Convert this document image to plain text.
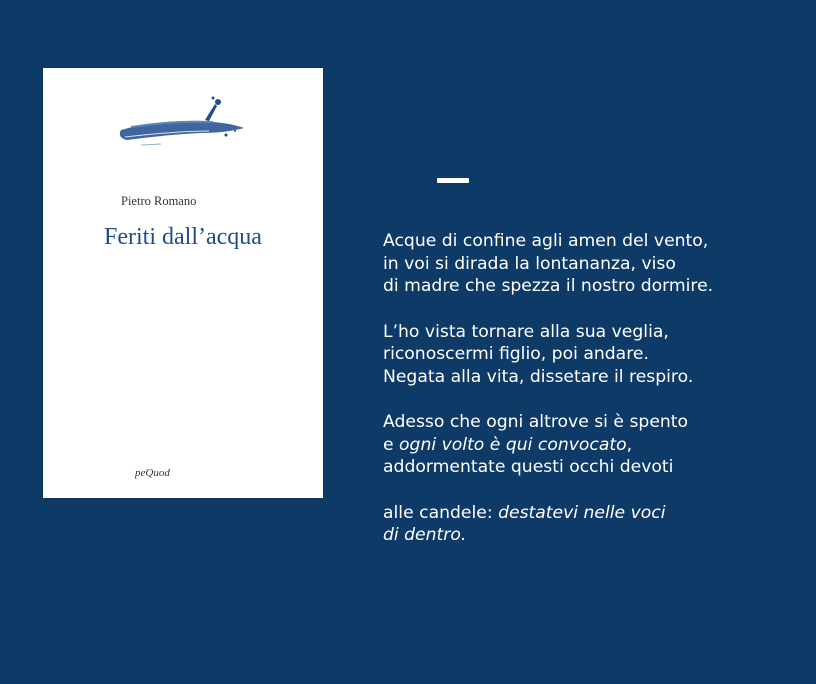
Pietro Romano
Feriti dall’acqua
peQuod
Acque di confine agli amen del vento,
in voi si dirada la lontananza, viso
di madre che spezza il nostro dormire.
L’ho vista tornare alla sua veglia,
riconoscermi figlio, poi andare.
Negata alla vita, dissetare il respiro.
Adesso che ogni altrove si è spento
e ogni volto è qui convocato,
addormentate questi occhi devoti
alle candele: destatevi nelle voci
di dentro.
